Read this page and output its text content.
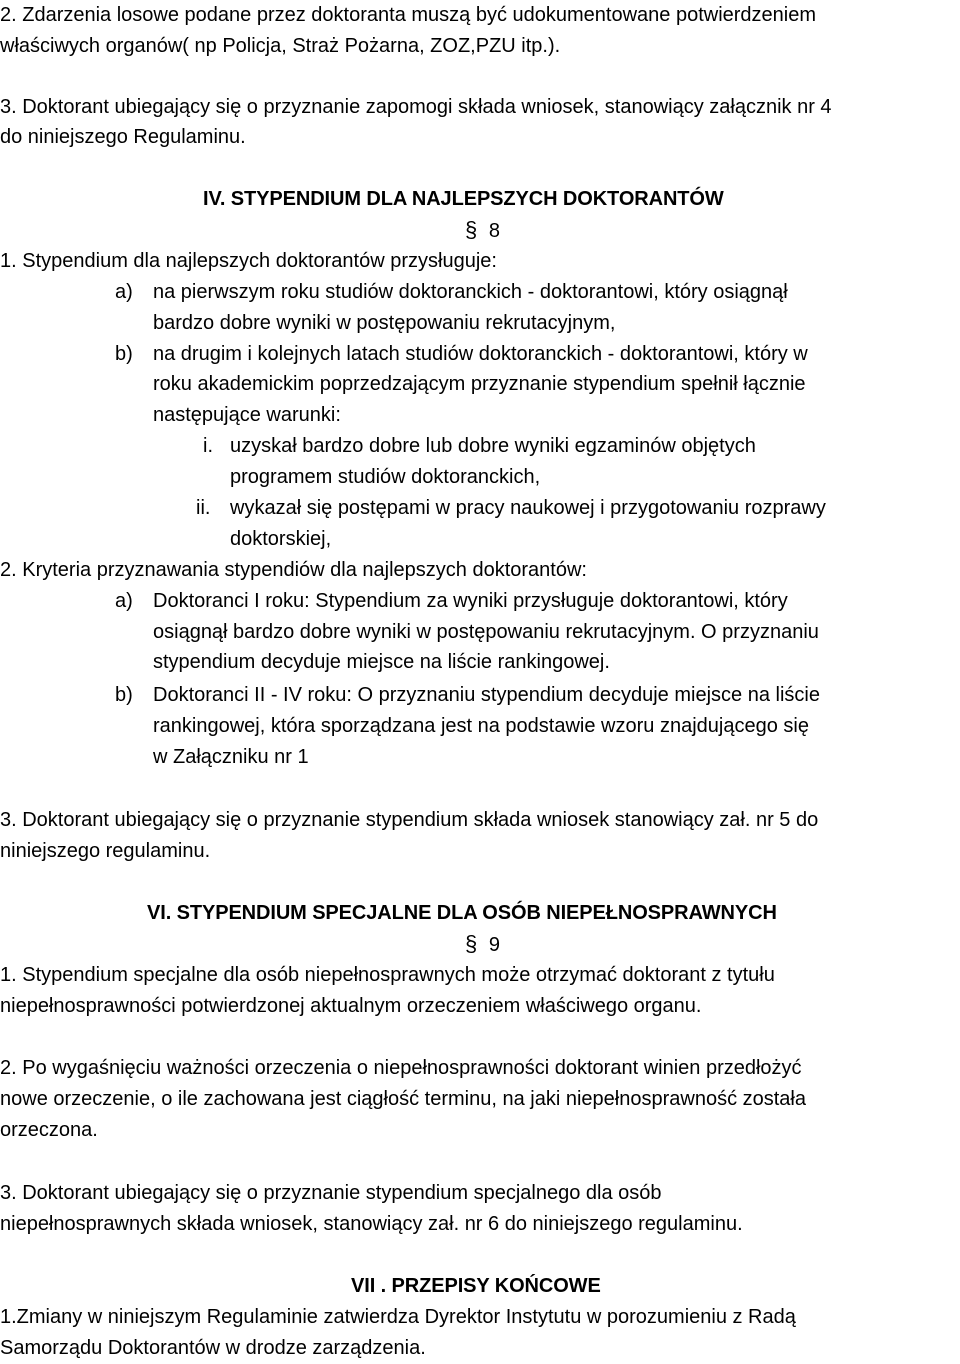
2. Zdarzenia losowe podane przez doktoranta muszą być udokumentowane potwierdzeniem

właściwych organów( np Policja, Straż Pożarna, ZOZ,PZU itp.).

3. Doktorant ubiegający się o przyznanie zapomogi składa wniosek, stanowiący załącznik nr 4

do niniejszego Regulaminu.

IV. STYPENDIUM DLA NAJLEPSZYCH DOKTORANTÓW

§ 8

1. Stypendium dla najlepszych doktorantów przysługuje:

a) na pierwszym roku studiów doktoranckich - doktorantowi, który osiągnął

bardzo dobre wyniki w postępowaniu rekrutacyjnym,

b) na drugim i kolejnych latach studiów doktoranckich - doktorantowi, który w

roku akademickim poprzedzającym przyznanie stypendium spełnił łącznie

następujące warunki:

i. uzyskał bardzo dobre lub dobre wyniki egzaminów objętych

programem studiów doktoranckich,

ii. wykazał się postępami w pracy naukowej i przygotowaniu rozprawy

doktorskiej,

2. Kryteria przyznawania stypendiów dla najlepszych doktorantów:

a) Doktoranci I roku: Stypendium za wyniki przysługuje doktorantowi, który

osiągnął bardzo dobre wyniki w postępowaniu rekrutacyjnym. O przyznaniu

stypendium decyduje miejsce na liście rankingowej.

b) Doktoranci II - IV roku: O przyznaniu stypendium decyduje miejsce na liście

rankingowej, która sporządzana jest na podstawie wzoru znajdującego się

w Załączniku nr 1

3. Doktorant ubiegający się o przyznanie stypendium składa wniosek stanowiący zał. nr 5 do

niniejszego regulaminu.

VI. STYPENDIUM SPECJALNE DLA OSÓB NIEPEŁNOSPRAWNYCH

§ 9

1. Stypendium specjalne dla osób niepełnosprawnych może otrzymać doktorant z tytułu

niepełnosprawności potwierdzonej aktualnym orzeczeniem właściwego organu.

2. Po wygaśnięciu ważności orzeczenia o niepełnosprawności doktorant winien przedłożyć

nowe orzeczenie, o ile zachowana jest ciągłość terminu, na jaki niepełnosprawność została

orzeczona.

3. Doktorant ubiegający się o przyznanie stypendium specjalnego dla osób

niepełnosprawnych składa wniosek, stanowiący zał. nr 6 do niniejszego regulaminu.

VII . PRZEPISY KOŃCOWE

1.Zmiany w niniejszym Regulaminie zatwierdza Dyrektor Instytutu w porozumieniu z Radą

Samorządu Doktorantów w drodze zarządzenia.
